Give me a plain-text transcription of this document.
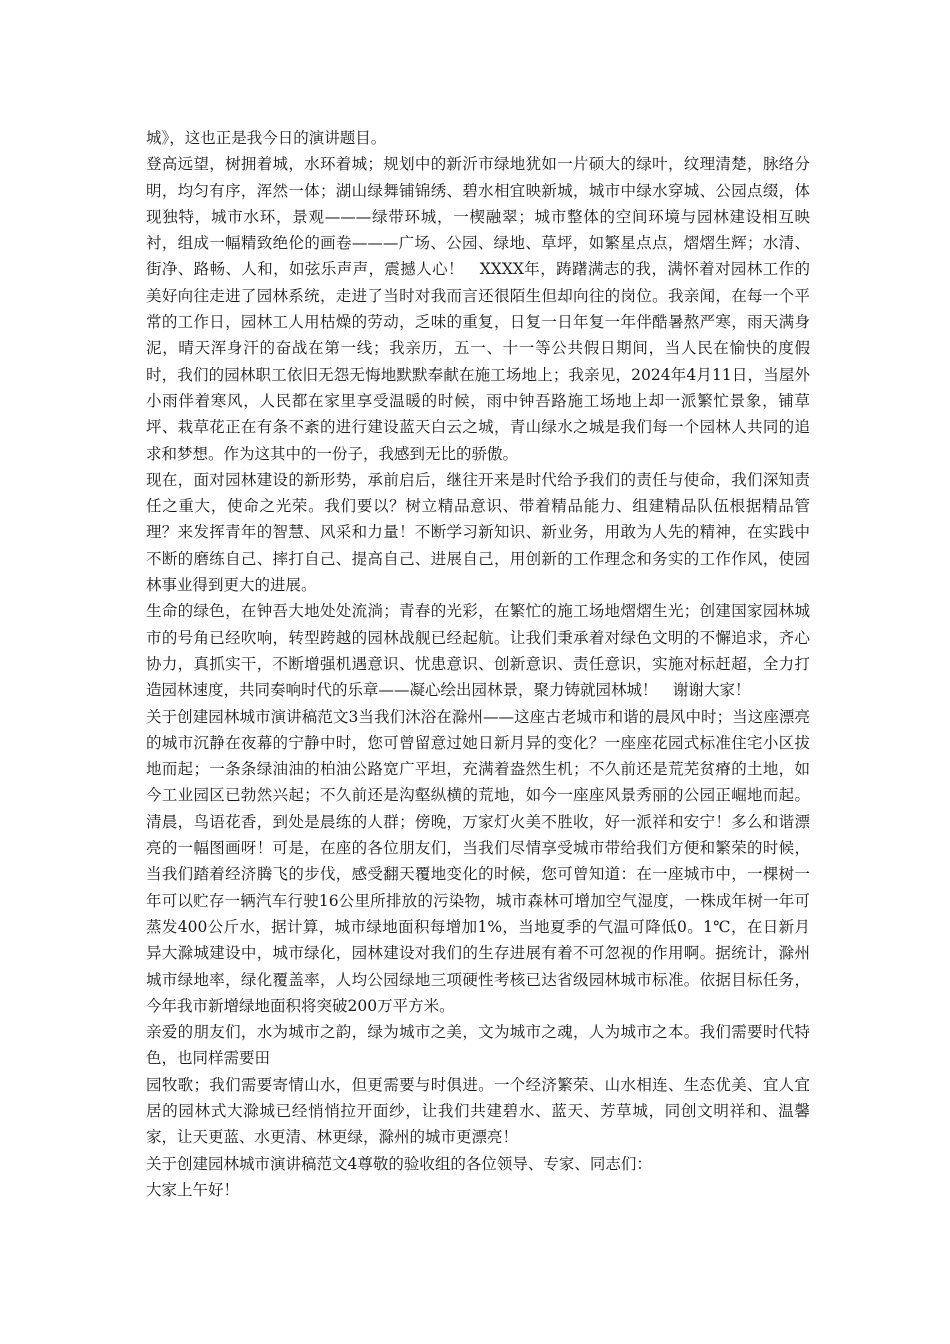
城》，这也正是我今日的演讲题目。

登高远望，树拥着城，水环着城；规划中的新沂市绿地犹如一片硕大的绿叶，纹理清楚，脉络分明，均匀有序，浑然一体；湖山绿舞铺锦绣、碧水相宜映新城，城市中绿水穿城、公园点缀，体现独特，城市水环，景观———绿带环城，一楔融翠；城市整体的空间环境与园林建设相互映衬，组成一幅精致绝伦的画卷———广场、公园、绿地、草坪，如繁星点点，熠熠生辉；水清、街净、路畅、人和，如弦乐声声，震撼人心！　XXXX年，踌躇满志的我，满怀着对园林工作的美好向往走进了园林系统，走进了当时对我而言还很陌生但却向往的岗位。我亲闻，在每一个平常的工作日，园林工人用枯燥的劳动，乏味的重复，日复一日年复一年伴酷暑熬严寒，雨天满身泥，晴天浑身汗的奋战在第一线；我亲历，五一、十一等公共假日期间，当人民在愉快的度假时，我们的园林职工依旧无怨无悔地默默奉献在施工场地上；我亲见，2024年4月11日，当屋外小雨伴着寒风，人民都在家里享受温暖的时候，雨中钟吾路施工场地上却一派繁忙景象，铺草坪、栽草花正在有条不紊的进行建设蓝天白云之城，青山绿水之城是我们每一个园林人共同的追求和梦想。作为这其中的一份子，我感到无比的骄傲。

现在，面对园林建设的新形势，承前启后，继往开来是时代给予我们的责任与使命，我们深知责任之重大，使命之光荣。我们要以？树立精品意识、带着精品能力、组建精品队伍根据精品管理？来发挥青年的智慧、风采和力量！不断学习新知识、新业务，用敢为人先的精神，在实践中不断的磨练自己、摔打自己、提高自己、进展自己，用创新的工作理念和务实的工作作风，使园林事业得到更大的进展。

生命的绿色，在钟吾大地处处流淌；青春的光彩，在繁忙的施工场地熠熠生光；创建国家园林城市的号角已经吹响，转型跨越的园林战舰已经起航。让我们秉承着对绿色文明的不懈追求，齐心协力，真抓实干，不断增强机遇意识、忧患意识、创新意识、责任意识，实施对标赶超，全力打造园林速度，共同奏响时代的乐章——凝心绘出园林景，聚力铸就园林城！　谢谢大家！

关于创建园林城市演讲稿范文3当我们沐浴在滁州——这座古老城市和谐的晨风中时；当这座漂亮的城市沉静在夜幕的宁静中时，您可曾留意过她日新月异的变化？一座座花园式标准住宅小区拔地而起；一条条绿油油的柏油公路宽广平坦，充满着盎然生机；不久前还是荒芜贫瘠的土地，如今工业园区已勃然兴起；不久前还是沟壑纵横的荒地，如今一座座风景秀丽的公园正崛地而起。清晨，鸟语花香，到处是晨练的人群；傍晚，万家灯火美不胜收，好一派祥和安宁！多么和谐漂亮的一幅图画呀！可是，在座的各位朋友们，当我们尽情享受城市带给我们方便和繁荣的时候，当我们踏着经济腾飞的步伐，感受翻天覆地变化的时候，您可曾知道：在一座城市中，一棵树一年可以贮存一辆汽车行驶16公里所排放的污染物，城市森林可增加空气湿度，一株成年树一年可蒸发400公斤水，据计算，城市绿地面积每增加1%，当地夏季的气温可降低0。1℃，在日新月异大滁城建设中，城市绿化，园林建设对我们的生存进展有着不可忽视的作用啊。据统计，滁州城市绿地率，绿化覆盖率，人均公园绿地三项硬性考核已达省级园林城市标准。依据目标任务，今年我市新增绿地面积将突破200万平方米。

亲爱的朋友们，水为城市之韵，绿为城市之美，文为城市之魂，人为城市之本。我们需要时代特色，也同样需要田

园牧歌；我们需要寄情山水，但更需要与时俱进。一个经济繁荣、山水相连、生态优美、宜人宜居的园林式大滁城已经悄悄拉开面纱，让我们共建碧水、蓝天、芳草城，同创文明祥和、温馨家，让天更蓝、水更清、林更绿，滁州的城市更漂亮！

关于创建园林城市演讲稿范文4尊敬的验收组的各位领导、专家、同志们：

大家上午好！
